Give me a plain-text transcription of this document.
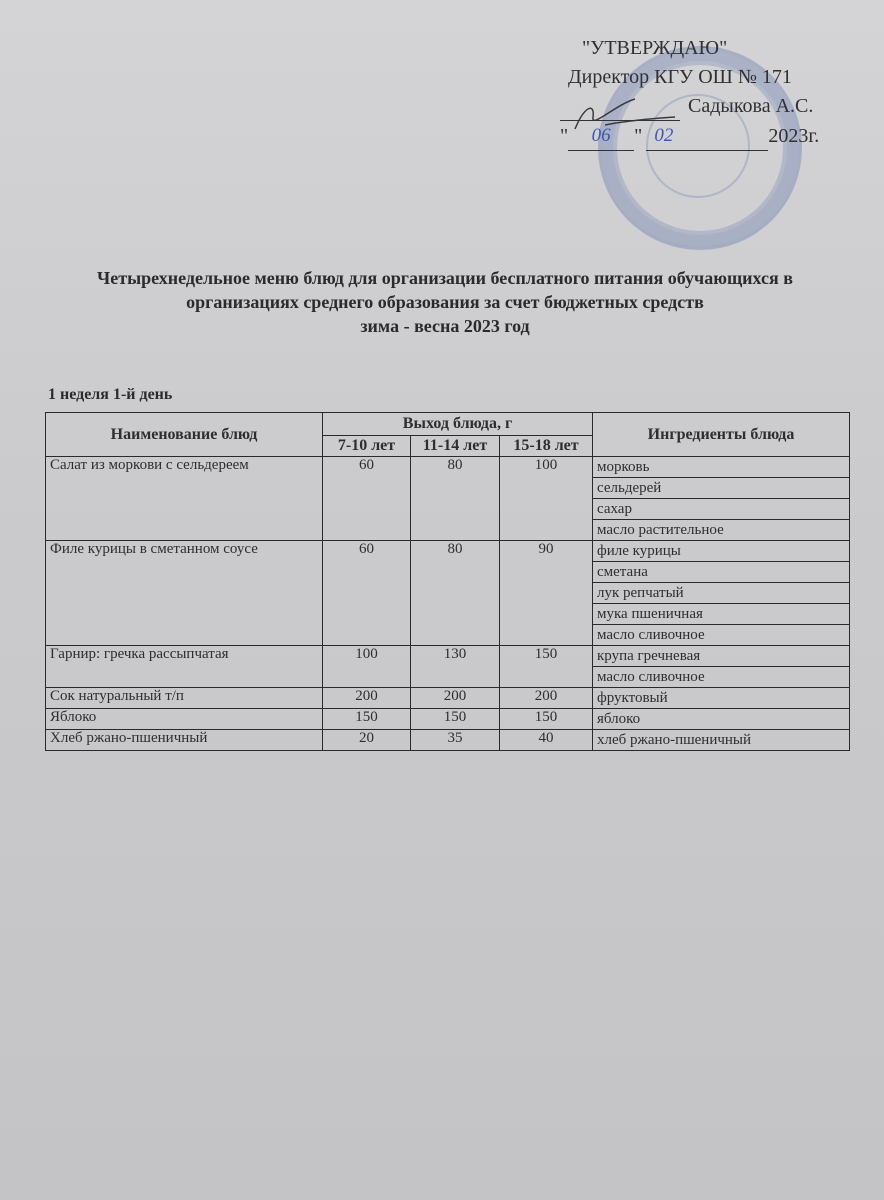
"УТВЕРЖДАЮ"
Директор КГУ ОШ № 171
Садыкова А.С.
"	06	" 02	2023г.
Четырехнедельное меню блюд для организации бесплатного питания обучающихся в
организациях среднего образования за счет бюджетных средств
зима - весна 2023 год
1 неделя 1-й день
Наименование блюд	Выход блюда, г			Ингредиенты блюда
	7-10 лет	11-14 лет	15-18 лет	
Салат из моркови с сельдереем	60	80	100	морковь
				сельдерей
				сахар
				масло растительное
Филе курицы в сметанном соусе	60	80	90	филе курицы
				сметана
				лук репчатый
				мука пшеничная
				масло сливочное
Гарнир: гречка рассыпчатая	100	130	150	крупа гречневая
				масло сливочное
Сок натуральный т/п	200	200	200	фруктовый
Яблоко	150	150	150	яблоко
Хлеб ржано-пшеничный	20	35	40	хлеб ржано-пшеничный
